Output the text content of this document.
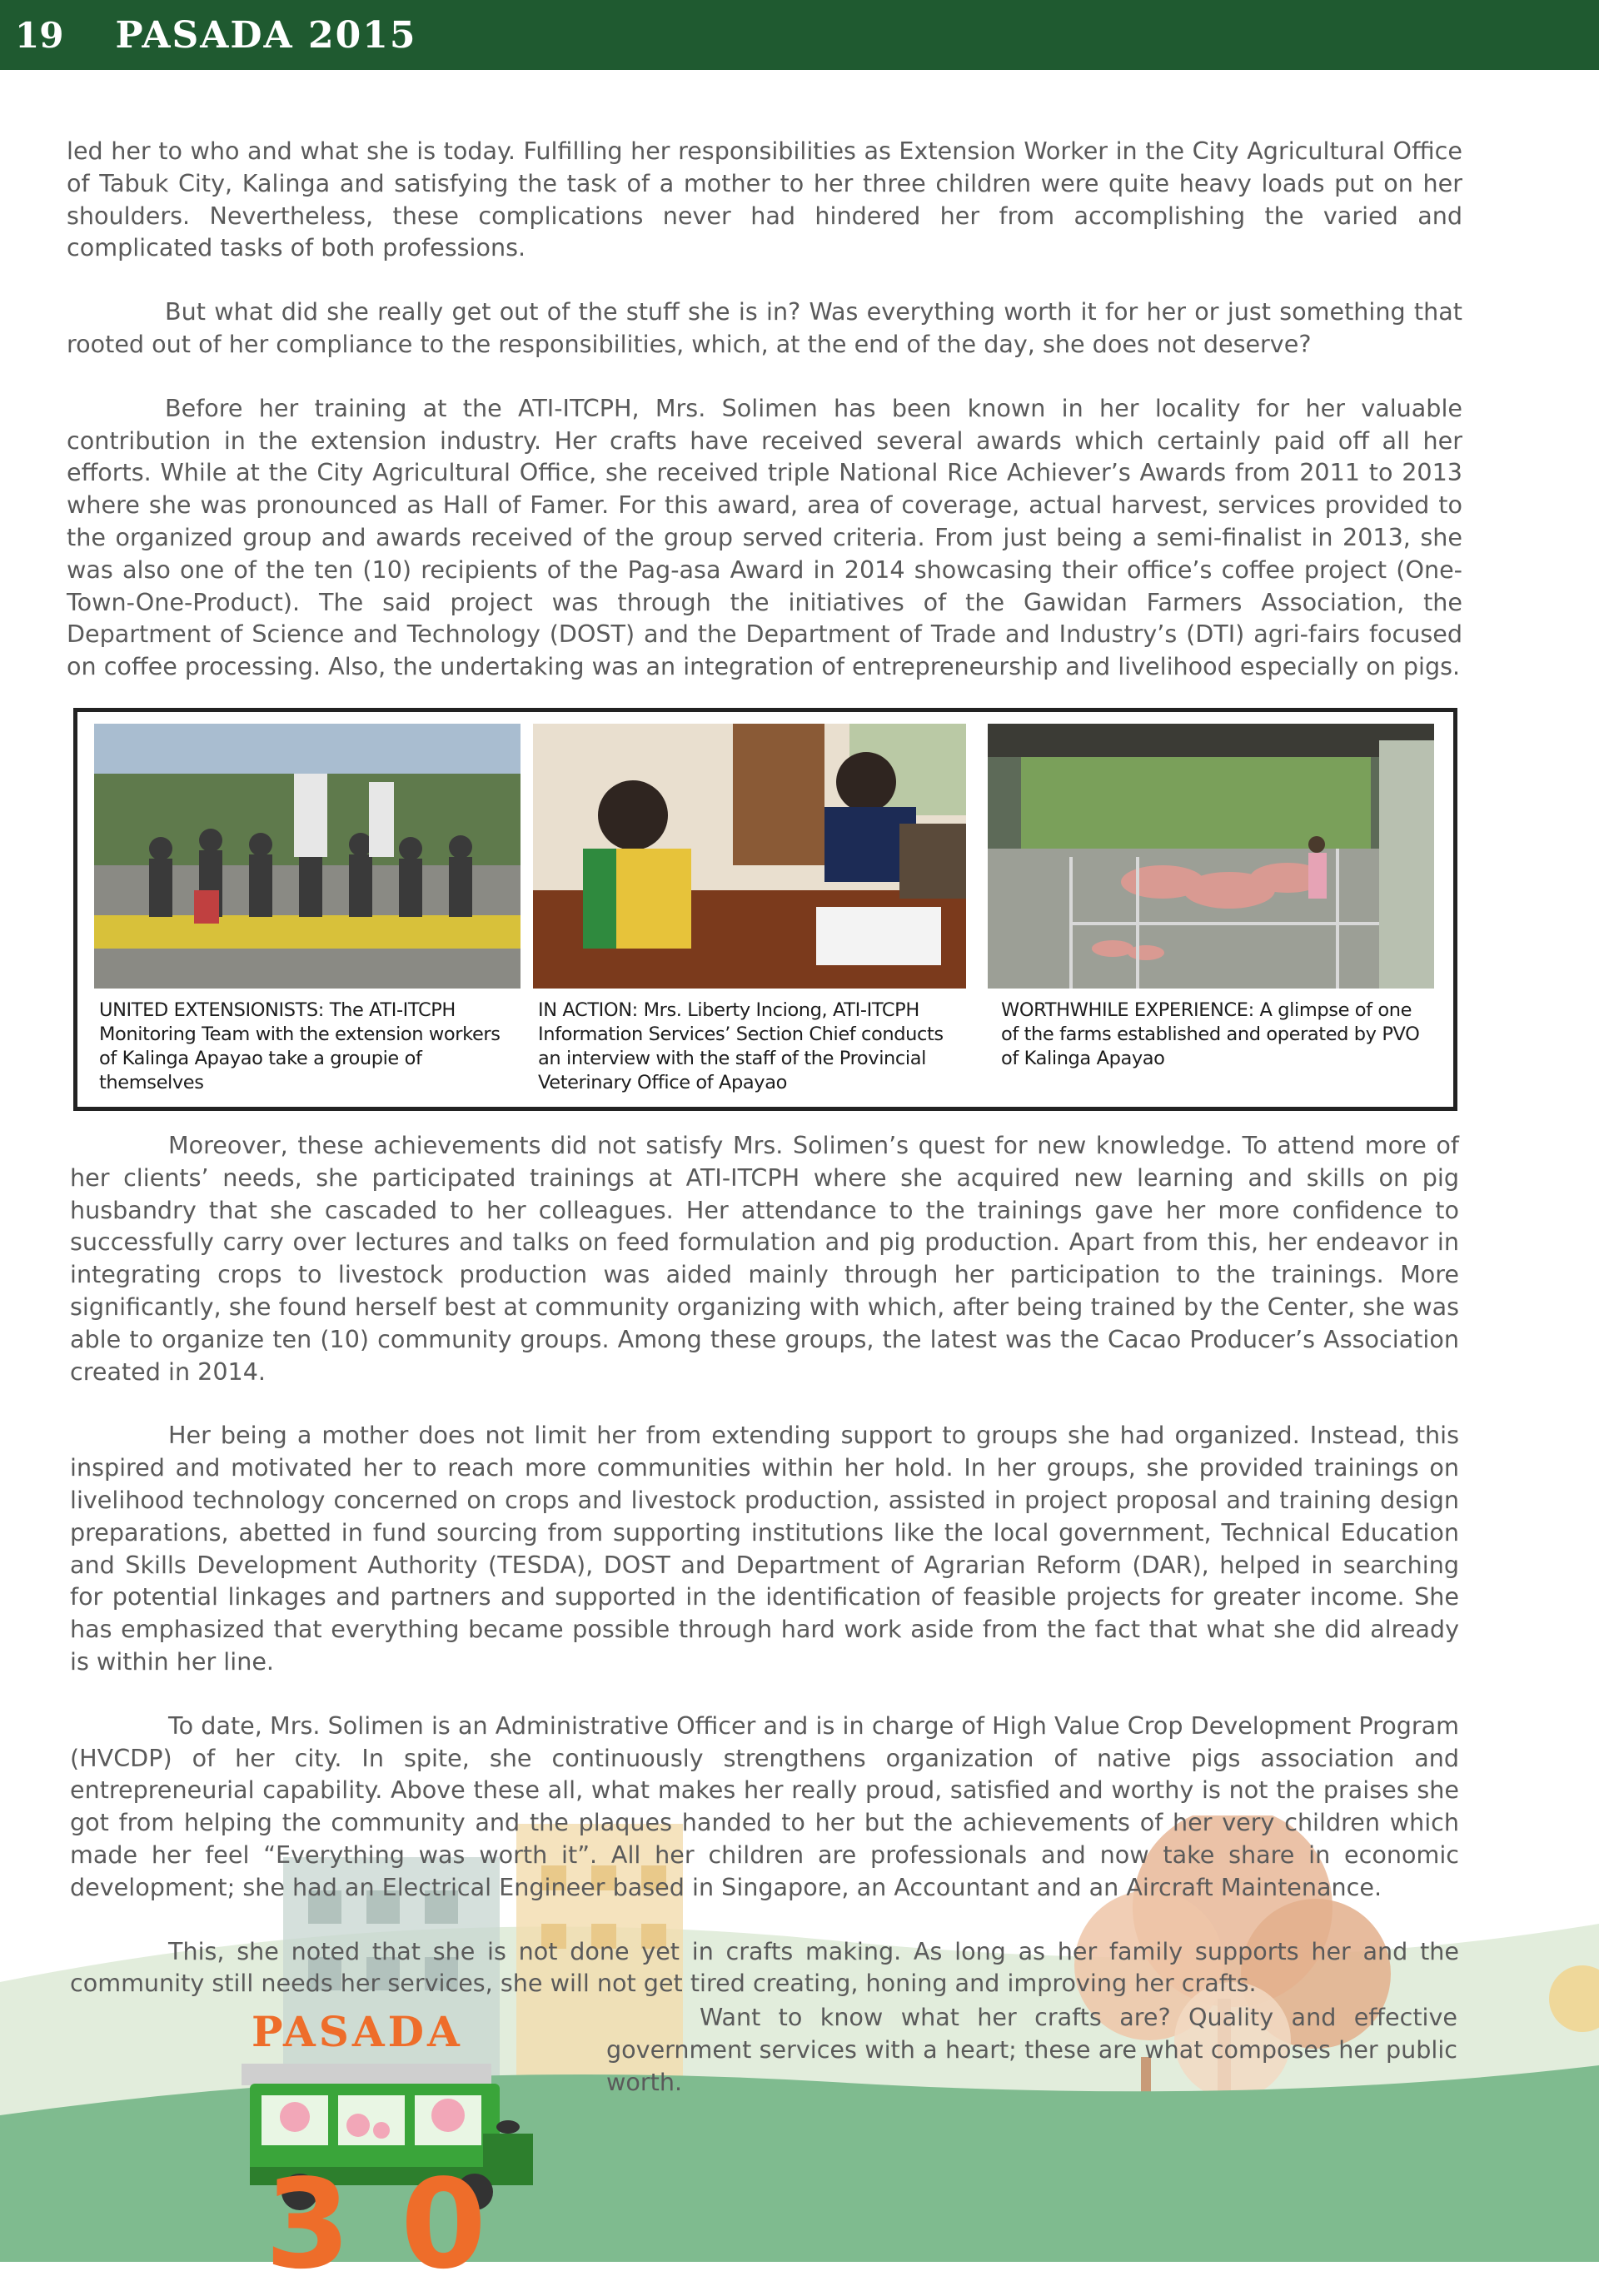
19 PASADA 2015

led her to who and what she is today. Fulfilling her responsibilities as Extension Worker in the City Agricultural Office of Tabuk City, Kalinga and satisfying the task of a mother to her three children were quite heavy loads put on her shoulders. Nevertheless, these complications never had hindered her from accomplishing the varied and complicated tasks of both professions.

But what did she really get out of the stuff she is in? Was everything worth it for her or just something that rooted out of her compliance to the responsibilities, which, at the end of the day, she does not deserve?

Before her training at the ATI-ITCPH, Mrs. Solimen has been known in her locality for her valuable contribution in the extension industry. Her crafts have received several awards which certainly paid off all her efforts. While at the City Agricultural Office, she received triple National Rice Achiever’s Awards from 2011 to 2013 where she was pronounced as Hall of Famer. For this award, area of coverage, actual harvest, services provided to the organized group and awards received of the group served criteria. From just being a semi-finalist in 2013, she was also one of the ten (10) recipients of the Pag-asa Award in 2014 showcasing their office’s coffee project (One-Town-One-Product). The said project was through the initiatives of the Gawidan Farmers Association, the Department of Science and Technology (DOST) and the Department of Trade and Industry’s (DTI) agri-fairs focused on coffee processing. Also, the undertaking was an integration of entrepreneurship and livelihood especially on pigs.

UNITED EXTENSIONISTS: The ATI-ITCPH Monitoring Team with the extension workers of Kalinga Apayao take a groupie of themselves
IN ACTION: Mrs. Liberty Inciong, ATI-ITCPH Information Services’ Section Chief conducts an interview with the staff of the Provincial Veterinary Office of Apayao
WORTHWHILE EXPERIENCE: A glimpse of one of the farms established and operated by PVO of Kalinga Apayao

Moreover, these achievements did not satisfy Mrs. Solimen’s quest for new knowledge. To attend more of her clients’ needs, she participated trainings at ATI-ITCPH where she acquired new learning and skills on pig husbandry that she cascaded to her colleagues. Her attendance to the trainings gave her more confidence to successfully carry over lectures and talks on feed formulation and pig production. Apart from this, her endeavor in integrating crops to livestock production was aided mainly through her participation to the trainings. More significantly, she found herself best at community organizing with which, after being trained by the Center, she was able to organize ten (10) community groups. Among these groups, the latest was the Cacao Producer’s Association created in 2014.

Her being a mother does not limit her from extending support to groups she had organized. Instead, this inspired and motivated her to reach more communities within her hold. In her groups, she provided trainings on livelihood technology concerned on crops and livestock production, assisted in project proposal and training design preparations, abetted in fund sourcing from supporting institutions like the local government, Technical Education and Skills Development Authority (TESDA), DOST and Department of Agrarian Reform (DAR), helped in searching for potential linkages and partners and supported in the identification of feasible projects for greater income. She has emphasized that everything became possible through hard work aside from the fact that what she did already is within her line.

To date, Mrs. Solimen is an Administrative Officer and is in charge of High Value Crop Development Program (HVCDP) of her city. In spite, she continuously strengthens organization of native pigs association and entrepreneurial capability. Above these all, what makes her really proud, satisfied and worthy is not the praises she got from helping the community and the plaques handed to her but the achievements of her very children which made her feel “Everything was worth it”. All her children are professionals and now take share in economic development; she had an Electrical Engineer based in Singapore, an Accountant and an Aircraft Maintenance.

This, she noted that she is not done yet in crafts making. As long as her family supports her and the community still needs her services, she will not get tired creating, honing and improving her crafts.

Want to know what her crafts are? Quality and effective government services with a heart; these are what composes her public worth.

PASADA
30
